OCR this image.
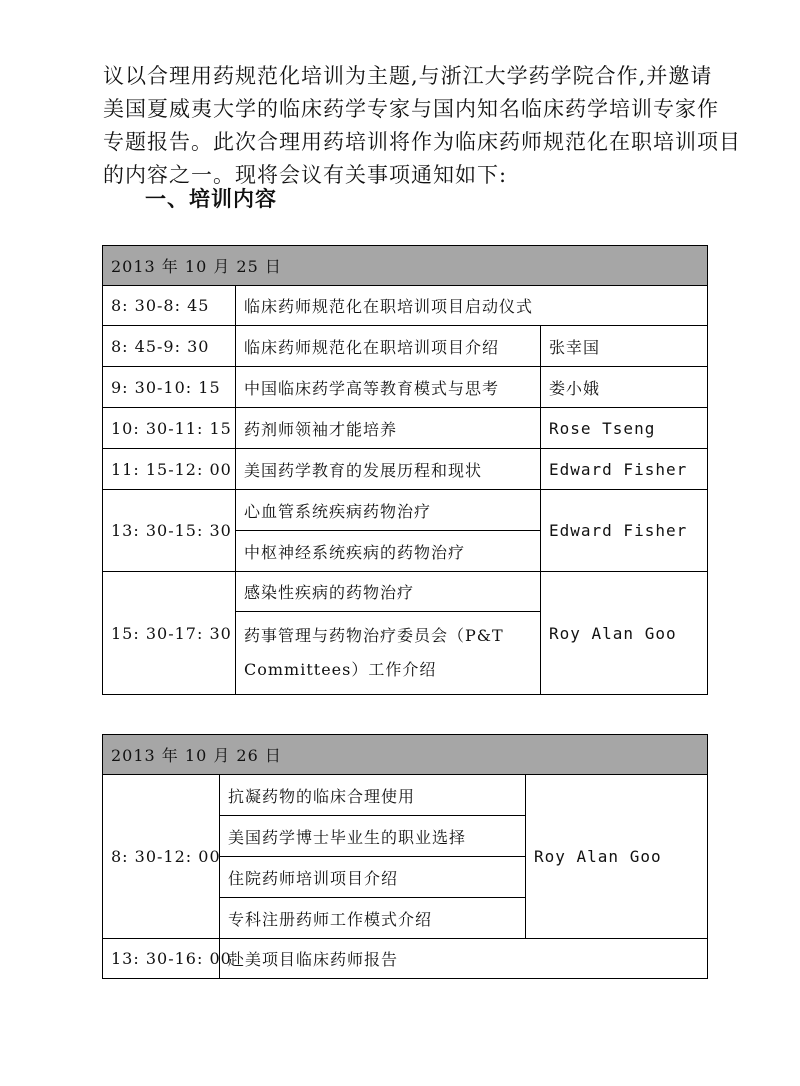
议以合理用药规范化培训为主题,与浙江大学药学院合作,并邀请
美国夏威夷大学的临床药学专家与国内知名临床药学培训专家作
专题报告。此次合理用药培训将作为临床药师规范化在职培训项目
的内容之一。现将会议有关事项通知如下:
一、培训内容
2013 年 10 月 25 日		
8: 30-8: 45	临床药师规范化在职培训项目启动仪式	
8: 45-9: 30	临床药师规范化在职培训项目介绍	张幸国
9: 30-10: 15	中国临床药学高等教育模式与思考	娄小娥
10: 30-11: 15	药剂师领袖才能培养	Rose Tseng
11: 15-12: 00	美国药学教育的发展历程和现状	Edward Fisher
13: 30-15: 30	心血管系统疾病药物治疗	Edward Fisher
	中枢神经系统疾病的药物治疗	
15: 30-17: 30	感染性疾病的药物治疗	Roy Alan Goo

	药事管理与药物治疗委员会（P&T
Committees）工作介绍	
2013 年 10 月 26 日		
8: 30-12: 00	抗凝药物的临床合理使用	Roy Alan Goo
	美国药学博士毕业生的职业选择	
	住院药师培训项目介绍	
	专科注册药师工作模式介绍	
13: 30-16: 00	赴美项目临床药师报告	
